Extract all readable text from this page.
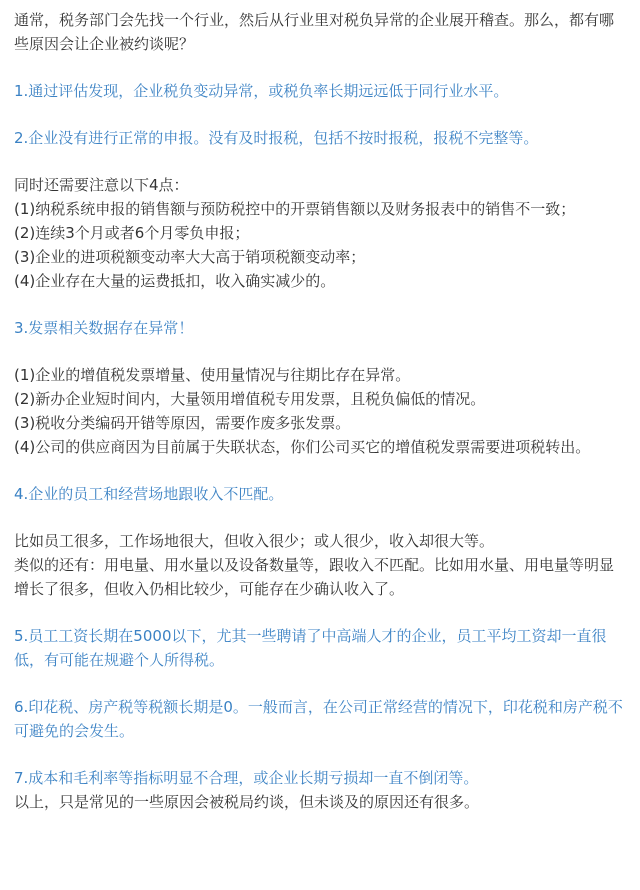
通常，税务部门会先找一个行业，然后从行业里对税负异常的企业展开稽查。那么，都有哪些原因会让企业被约谈呢？

1.通过评估发现，企业税负变动异常，或税负率长期远远低于同行业水平。

2.企业没有进行正常的申报。没有及时报税，包括不按时报税，报税不完整等。

同时还需要注意以下4点：

(1)纳税系统申报的销售额与预防税控中的开票销售额以及财务报表中的销售不一致；

(2)连续3个月或者6个月零负申报；

(3)企业的进项税额变动率大大高于销项税额变动率；

(4)企业存在大量的运费抵扣，收入确实减少的。

3.发票相关数据存在异常！

(1)企业的增值税发票增量、使用量情况与往期比存在异常。

(2)新办企业短时间内，大量领用增值税专用发票，且税负偏低的情况。

(3)税收分类编码开错等原因，需要作废多张发票。

(4)公司的供应商因为目前属于失联状态，你们公司买它的增值税发票需要进项税转出。

4.企业的员工和经营场地跟收入不匹配。

比如员工很多，工作场地很大，但收入很少；或人很少，收入却很大等。

类似的还有：用电量、用水量以及设备数量等，跟收入不匹配。比如用水量、用电量等明显增长了很多，但收入仍相比较少，可能存在少确认收入了。

5.员工工资长期在5000以下，尤其一些聘请了中高端人才的企业，员工平均工资却一直很低，有可能在规避个人所得税。

6.印花税、房产税等税额长期是0。一般而言，在公司正常经营的情况下，印花税和房产税不可避免的会发生。

7.成本和毛利率等指标明显不合理，或企业长期亏损却一直不倒闭等。

以上，只是常见的一些原因会被税局约谈，但未谈及的原因还有很多。
